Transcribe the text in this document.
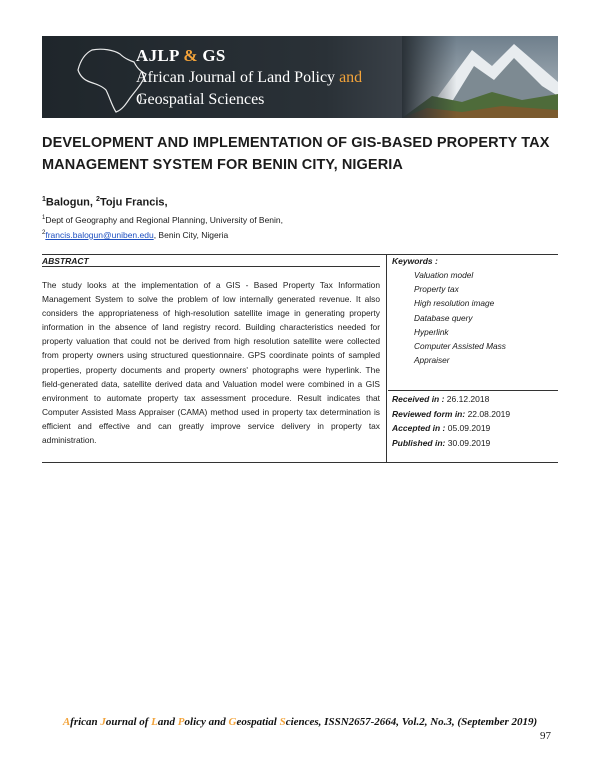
AJLP & GS
African Journal of Land Policy and
Geospatial Sciences
DEVELOPMENT AND IMPLEMENTATION OF GIS-BASED PROPERTY TAX
MANAGEMENT SYSTEM FOR BENIN CITY, NIGERIA
$^1$Balogun, $^2$Toju Francis,
$^1$Dept of Geography and Regional Planning, University of Benin,
$^2$francis.balogun@uniben.edu, Benin City, Nigeria
ABSTRACT
The study looks at the implementation of a GIS - Based Property Tax Information Management System to solve the problem of low internally generated revenue. It also considers the appropriateness of high-resolution satellite image in generating property information in the absence of land registry record. Building characteristics needed for property valuation that could not be derived from high resolution satellite were collected from property owners using structured questionnaire. GPS coordinate points of sampled properties, property documents and property owners' photographs were hyperlink. The field-generated data, satellite derived data and Valuation model were combined in a GIS environment to automate property tax assessment procedure. Result indicates that Computer Assisted Mass Appraiser (CAMA) method used in property tax determination is efficient and effective and can greatly improve service delivery in property tax administration.
Keywords :
Valuation model
Property tax
High resolution image
Database query
Hyperlink
Computer Assisted Mass
Appraiser
Received in : 26.12.2018
Reviewed form in: 22.08.2019
Accepted in : 05.09.2019
Published in: 30.09.2019
African Journal of Land Policy and Geospatial Sciences, ISSN2657-2664, Vol.2, No.3, (September 2019)
97
